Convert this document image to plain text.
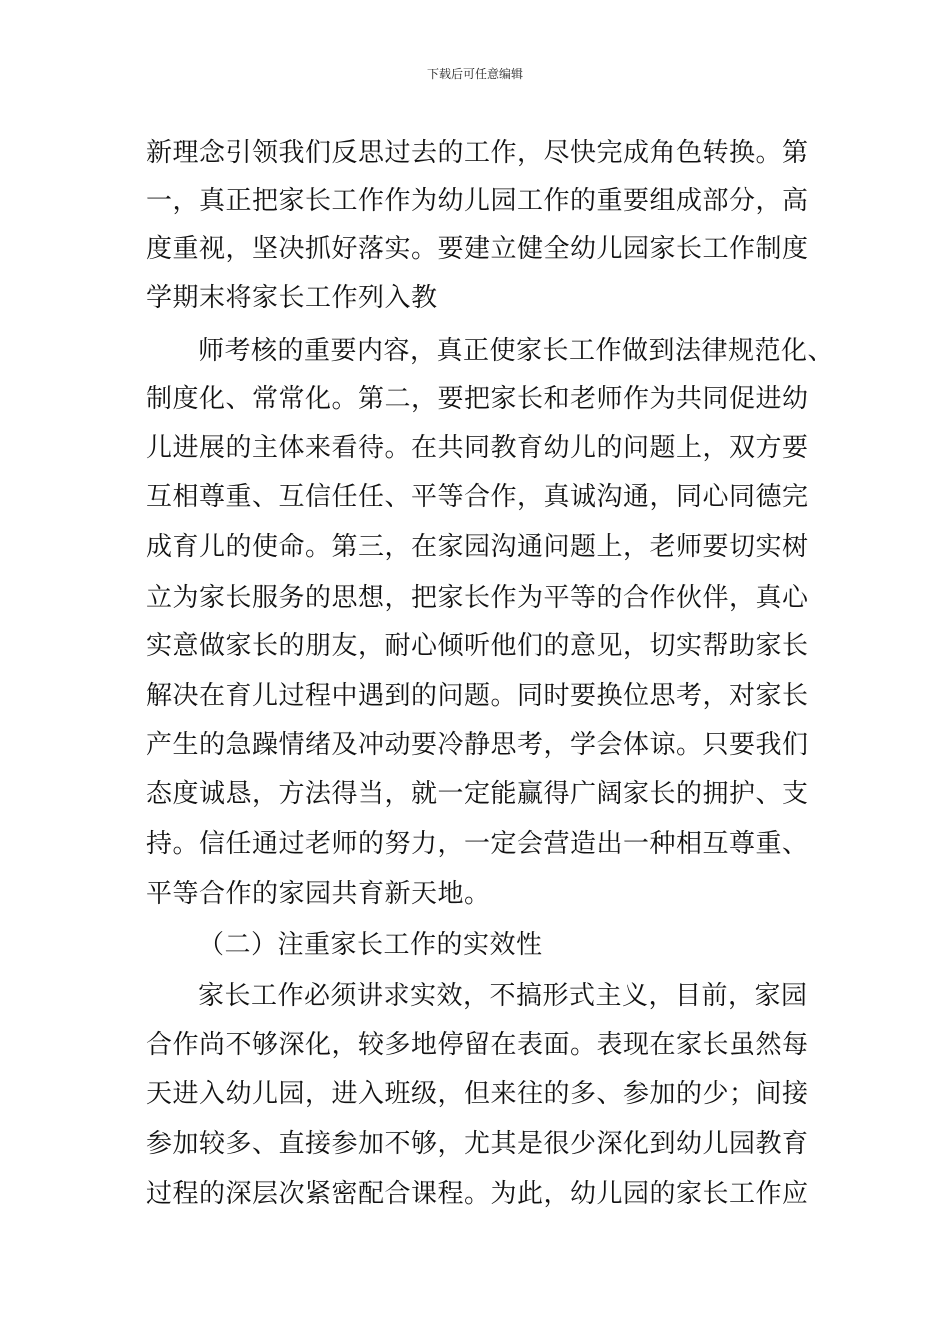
下载后可任意编辑
新理念引领我们反思过去的工作，尽快完成角色转换。第
一，真正把家长工作作为幼儿园工作的重要组成部分，高
度重视，坚决抓好落实。要建立健全幼儿园家长工作制度
学期末将家长工作列入教
师考核的重要内容，真正使家长工作做到法律规范化、
制度化、常常化。第二，要把家长和老师作为共同促进幼
儿进展的主体来看待。在共同教育幼儿的问题上，双方要
互相尊重、互信任任、平等合作，真诚沟通，同心同德完
成育儿的使命。第三，在家园沟通问题上，老师要切实树
立为家长服务的思想，把家长作为平等的合作伙伴，真心
实意做家长的朋友，耐心倾听他们的意见，切实帮助家长
解决在育儿过程中遇到的问题。同时要换位思考，对家长
产生的急躁情绪及冲动要冷静思考，学会体谅。只要我们
态度诚恳，方法得当，就一定能赢得广阔家长的拥护、支
持。信任通过老师的努力，一定会营造出一种相互尊重、
平等合作的家园共育新天地。
（二）注重家长工作的实效性
家长工作必须讲求实效，不搞形式主义，目前，家园
合作尚不够深化，较多地停留在表面。表现在家长虽然每
天进入幼儿园，进入班级，但来往的多、参加的少；间接
参加较多、直接参加不够，尤其是很少深化到幼儿园教育
过程的深层次紧密配合课程。为此，幼儿园的家长工作应
